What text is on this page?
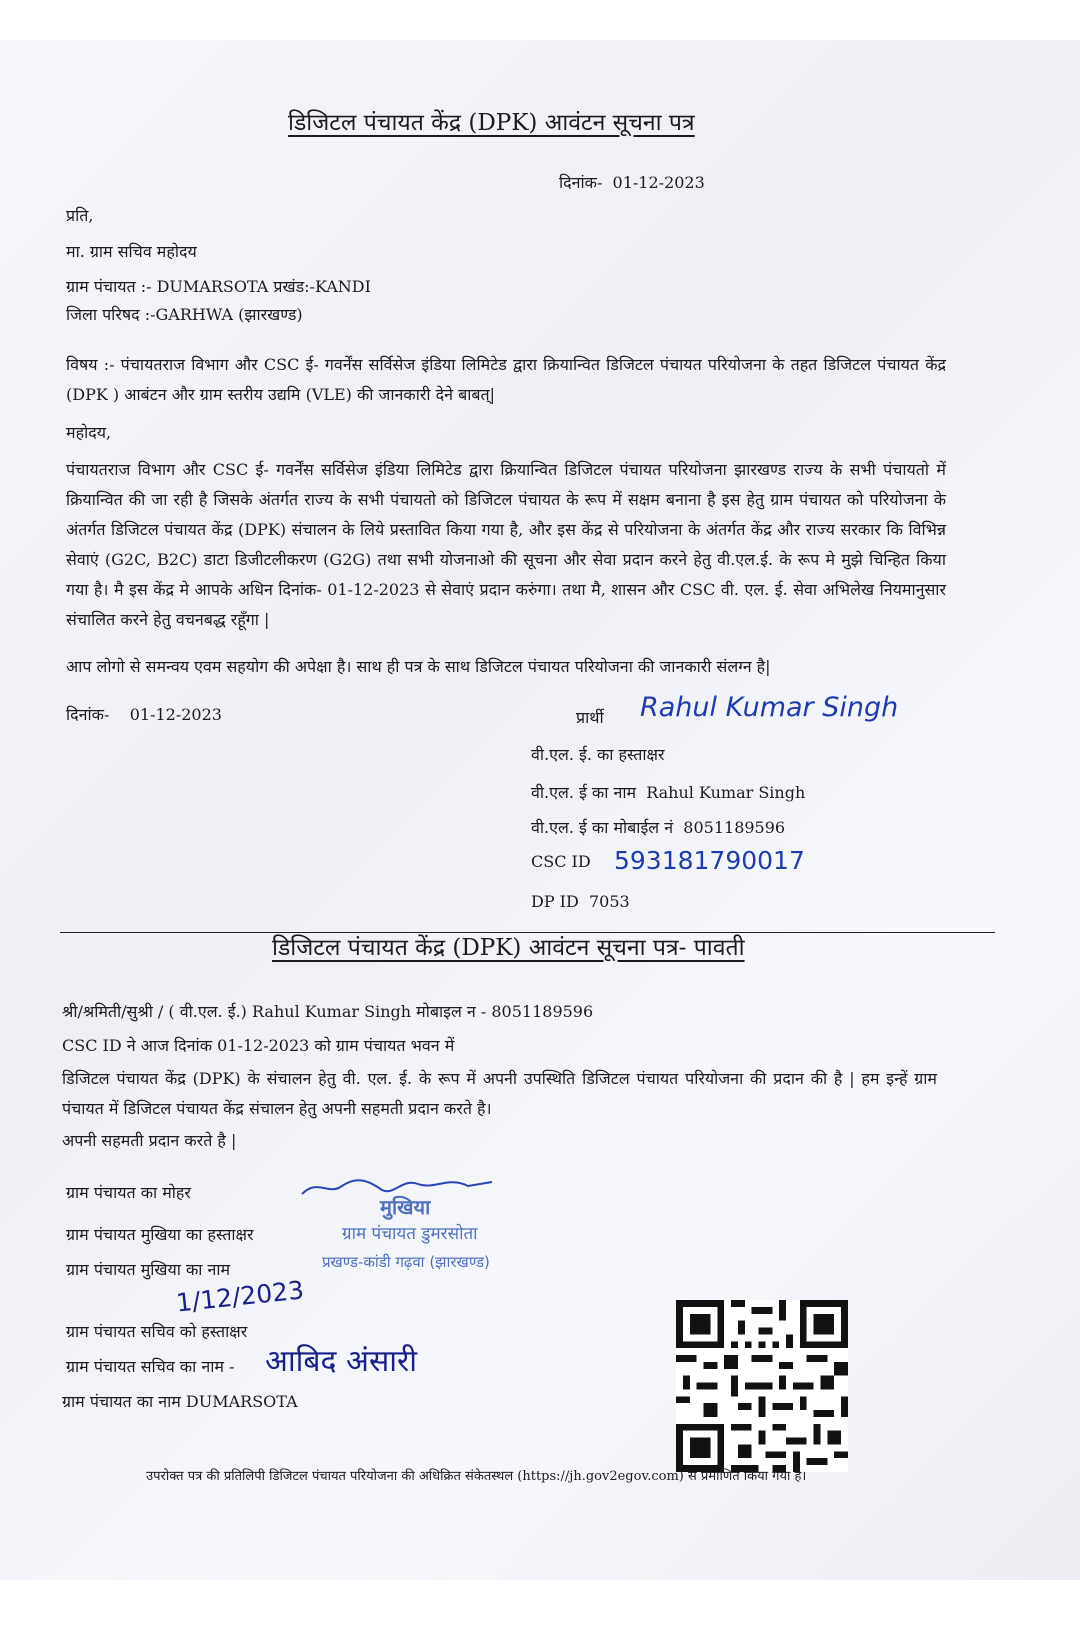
डिजिटल पंचायत केंद्र (DPK) आवंटन सूचना पत्र
दिनांक- 01-12-2023
प्रति,
मा. ग्राम सचिव महोदय
ग्राम पंचायत :- DUMARSOTA प्रखंड:-KANDI
जिला परिषद :-GARHWA (झारखण्ड)
विषय :- पंचायतराज विभाग और CSC ई- गवर्नेंस सर्विसेज इंडिया लिमिटेड द्वारा क्रियान्वित डिजिटल पंचायत परियोजना के तहत डिजिटल पंचायत केंद्र (DPK ) आबंटन और ग्राम स्तरीय उद्यमि (VLE) की जानकारी देने बाबत्|
महोदय,
पंचायतराज विभाग और CSC ई- गवर्नेंस सर्विसेज इंडिया लिमिटेड द्वारा क्रियान्वित डिजिटल पंचायत परियोजना झारखण्ड राज्य के सभी पंचायतो में क्रियान्वित की जा रही है जिसके अंतर्गत राज्य के सभी पंचायतो को डिजिटल पंचायत के रूप में सक्षम बनाना है इस हेतु ग्राम पंचायत को परियोजना के अंतर्गत डिजिटल पंचायत केंद्र (DPK) संचालन के लिये प्रस्तावित किया गया है, और इस केंद्र से परियोजना के अंतर्गत केंद्र और राज्य सरकार कि विभिन्न सेवाएं (G2C, B2C) डाटा डिजीटलीकरण (G2G) तथा सभी योजनाओ की सूचना और सेवा प्रदान करने हेतु वी.एल.ई. के रूप मे मुझे चिन्हित किया गया है। मै इस केंद्र मे आपके अधिन दिनांक- 01-12-2023 से सेवाएं प्रदान करुंगा। तथा मै, शासन और CSC वी. एल. ई. सेवा अभिलेख नियमानुसार संचालित करने हेतु वचनबद्ध रहूँगा |
आप लोगो से समन्वय एवम सहयोग की अपेक्षा है। साथ ही पत्र के साथ डिजिटल पंचायत परियोजना की जानकारी संलग्न है|
दिनांक- 01-12-2023	प्रार्थी Rahul Kumar Singh
वी.एल. ई. का हस्ताक्षर
वी.एल. ई का नाम Rahul Kumar Singh
वी.एल. ई का मोबाईल नं 8051189596
CSC ID 593181790017
DP ID 7053
डिजिटल पंचायत केंद्र (DPK) आवंटन सूचना पत्र- पावती
श्री/श्रमिती/सुश्री / ( वी.एल. ई.) Rahul Kumar Singh मोबाइल न - 8051189596
CSC ID ने आज दिनांक 01-12-2023 को ग्राम पंचायत भवन में
डिजिटल पंचायत केंद्र (DPK) के संचालन हेतु वी. एल. ई. के रूप में अपनी उपस्थिति डिजिटल पंचायत परियोजना की प्रदान की है | हम इन्हें ग्राम पंचायत में डिजिटल पंचायत केंद्र संचालन हेतु अपनी सहमती प्रदान करते है।
अपनी सहमती प्रदान करते है |
ग्राम पंचायत का मोहर
ग्राम पंचायत मुखिया का हस्ताक्षर
ग्राम पंचायत मुखिया का नाम
ग्राम पंचायत सचिव को हस्ताक्षर
ग्राम पंचायत सचिव का नाम -
ग्राम पंचायत का नाम DUMARSOTA
मुखिया
ग्राम पंचायत डुमरसोता
प्रखण्ड-कांडी गढ़वा (झारखण्ड)
1/12/2023
आबिद अंसारी
उपरोक्त पत्र की प्रतिलिपी डिजिटल पंचायत परियोजना की अधिक्रित संकेतस्थल (https://jh.gov2egov.com) से प्रमाणित किया गया है।
